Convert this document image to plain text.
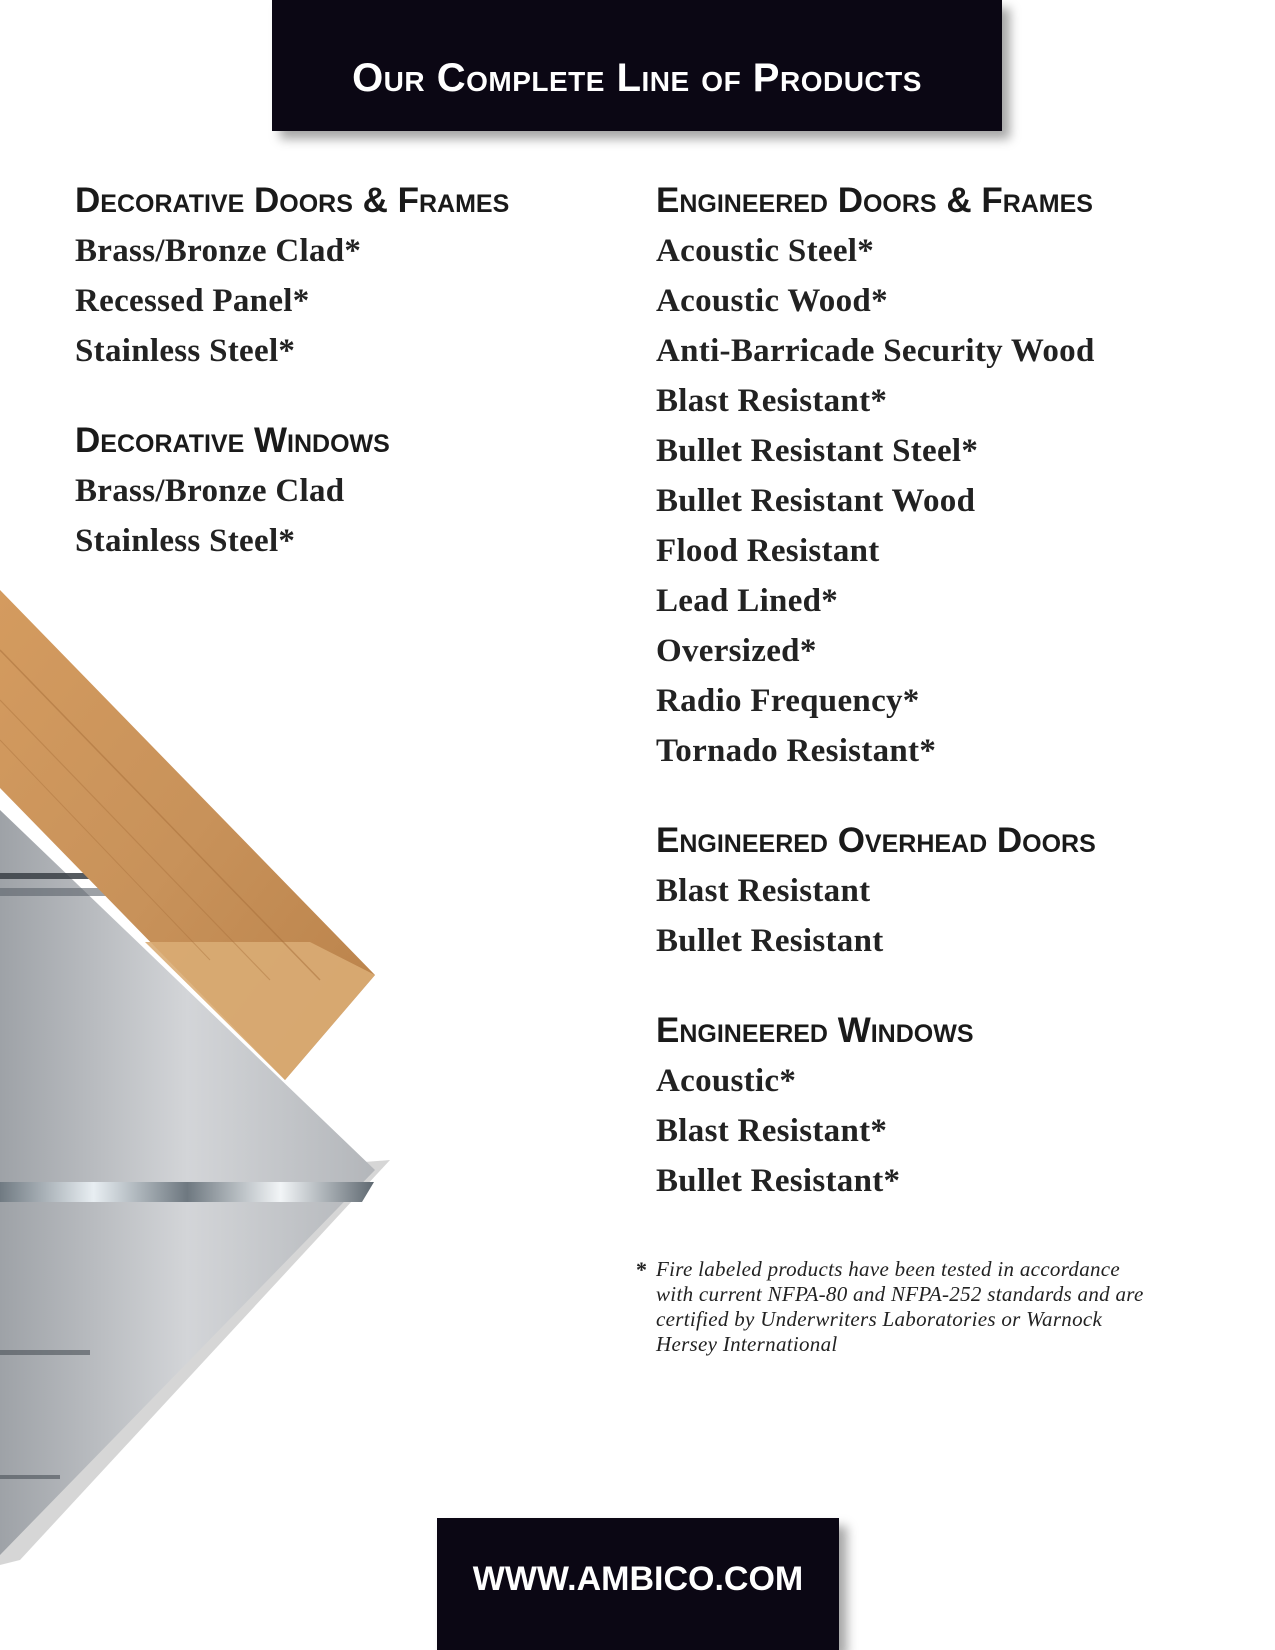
Our Complete Line of Products
Decorative Doors & Frames
Brass/Bronze Clad*
Recessed Panel*
Stainless Steel*
Decorative Windows
Brass/Bronze Clad
Stainless Steel*
Engineered Doors & Frames
Acoustic Steel*
Acoustic Wood*
Anti-Barricade Security Wood
Blast Resistant*
Bullet Resistant Steel*
Bullet Resistant Wood
Flood Resistant
Lead Lined*
Oversized*
Radio Frequency*
Tornado Resistant*
Engineered Overhead Doors
Blast Resistant
Bullet Resistant
Engineered Windows
Acoustic*
Blast Resistant*
Bullet Resistant*
* Fire labeled products have been tested in accordance with current NFPA-80 and NFPA-252 standards and are certified by Underwriters Laboratories or Warnock Hersey International
WWW.AMBICO.COM
